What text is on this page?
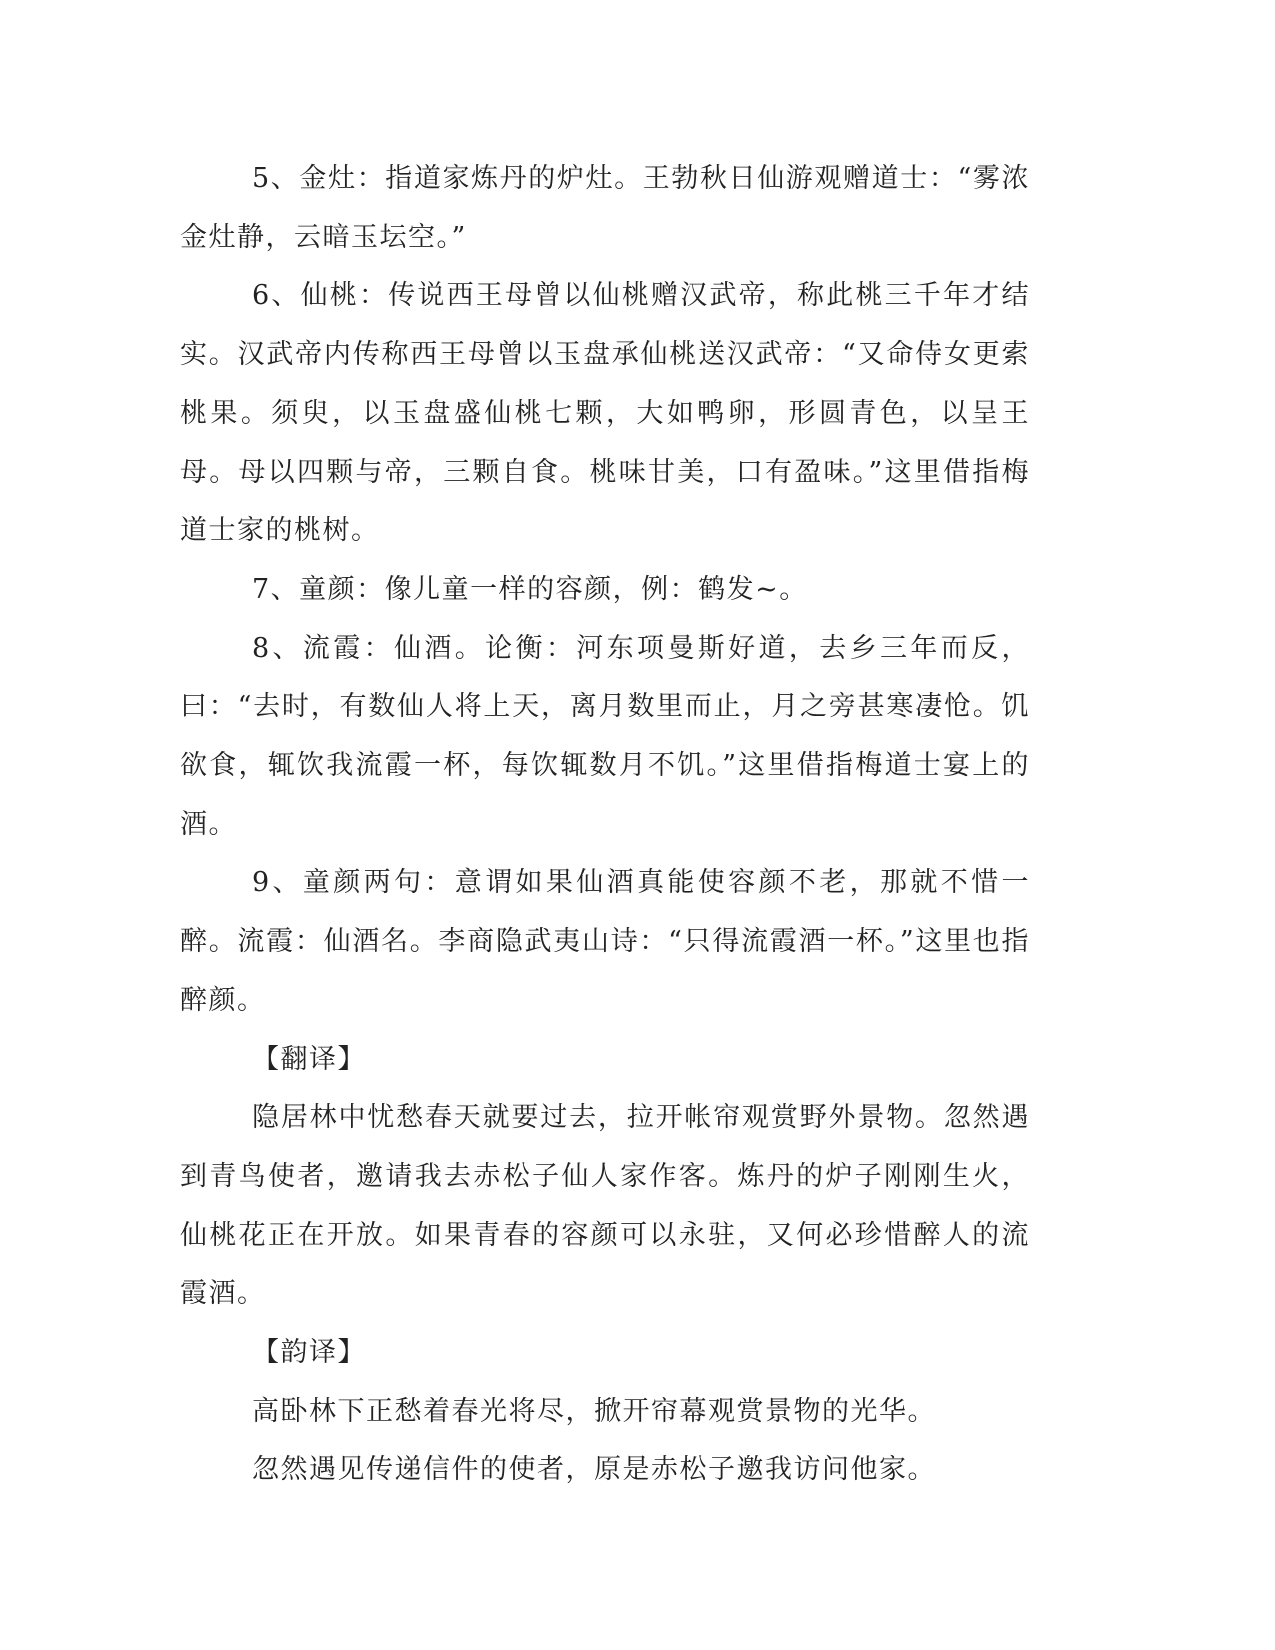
5、金灶：指道家炼丹的炉灶。王勃秋日仙游观赠道士：“雾浓金灶静，云暗玉坛空。”

6、仙桃：传说西王母曾以仙桃赠汉武帝，称此桃三千年才结实。汉武帝内传称西王母曾以玉盘承仙桃送汉武帝：“又命侍女更索桃果。须臾，以玉盘盛仙桃七颗，大如鸭卵，形圆青色，以呈王母。母以四颗与帝，三颗自食。桃味甘美，口有盈味。”这里借指梅道士家的桃树。

7、童颜：像儿童一样的容颜，例：鹤发~。

8、流霞：仙酒。论衡：河东项曼斯好道，去乡三年而反，曰：“去时，有数仙人将上天，离月数里而止，月之旁甚寒凄怆。饥欲食，辄饮我流霞一杯，每饮辄数月不饥。”这里借指梅道士宴上的酒。

9、童颜两句：意谓如果仙酒真能使容颜不老，那就不惜一醉。流霞：仙酒名。李商隐武夷山诗：“只得流霞酒一杯。”这里也指醉颜。

【翻译】

隐居林中忧愁春天就要过去，拉开帐帘观赏野外景物。忽然遇到青鸟使者，邀请我去赤松子仙人家作客。炼丹的炉子刚刚生火，仙桃花正在开放。如果青春的容颜可以永驻，又何必珍惜醉人的流霞酒。

【韵译】

高卧林下正愁着春光将尽，掀开帘幕观赏景物的光华。

忽然遇见传递信件的使者，原是赤松子邀我访问他家。
